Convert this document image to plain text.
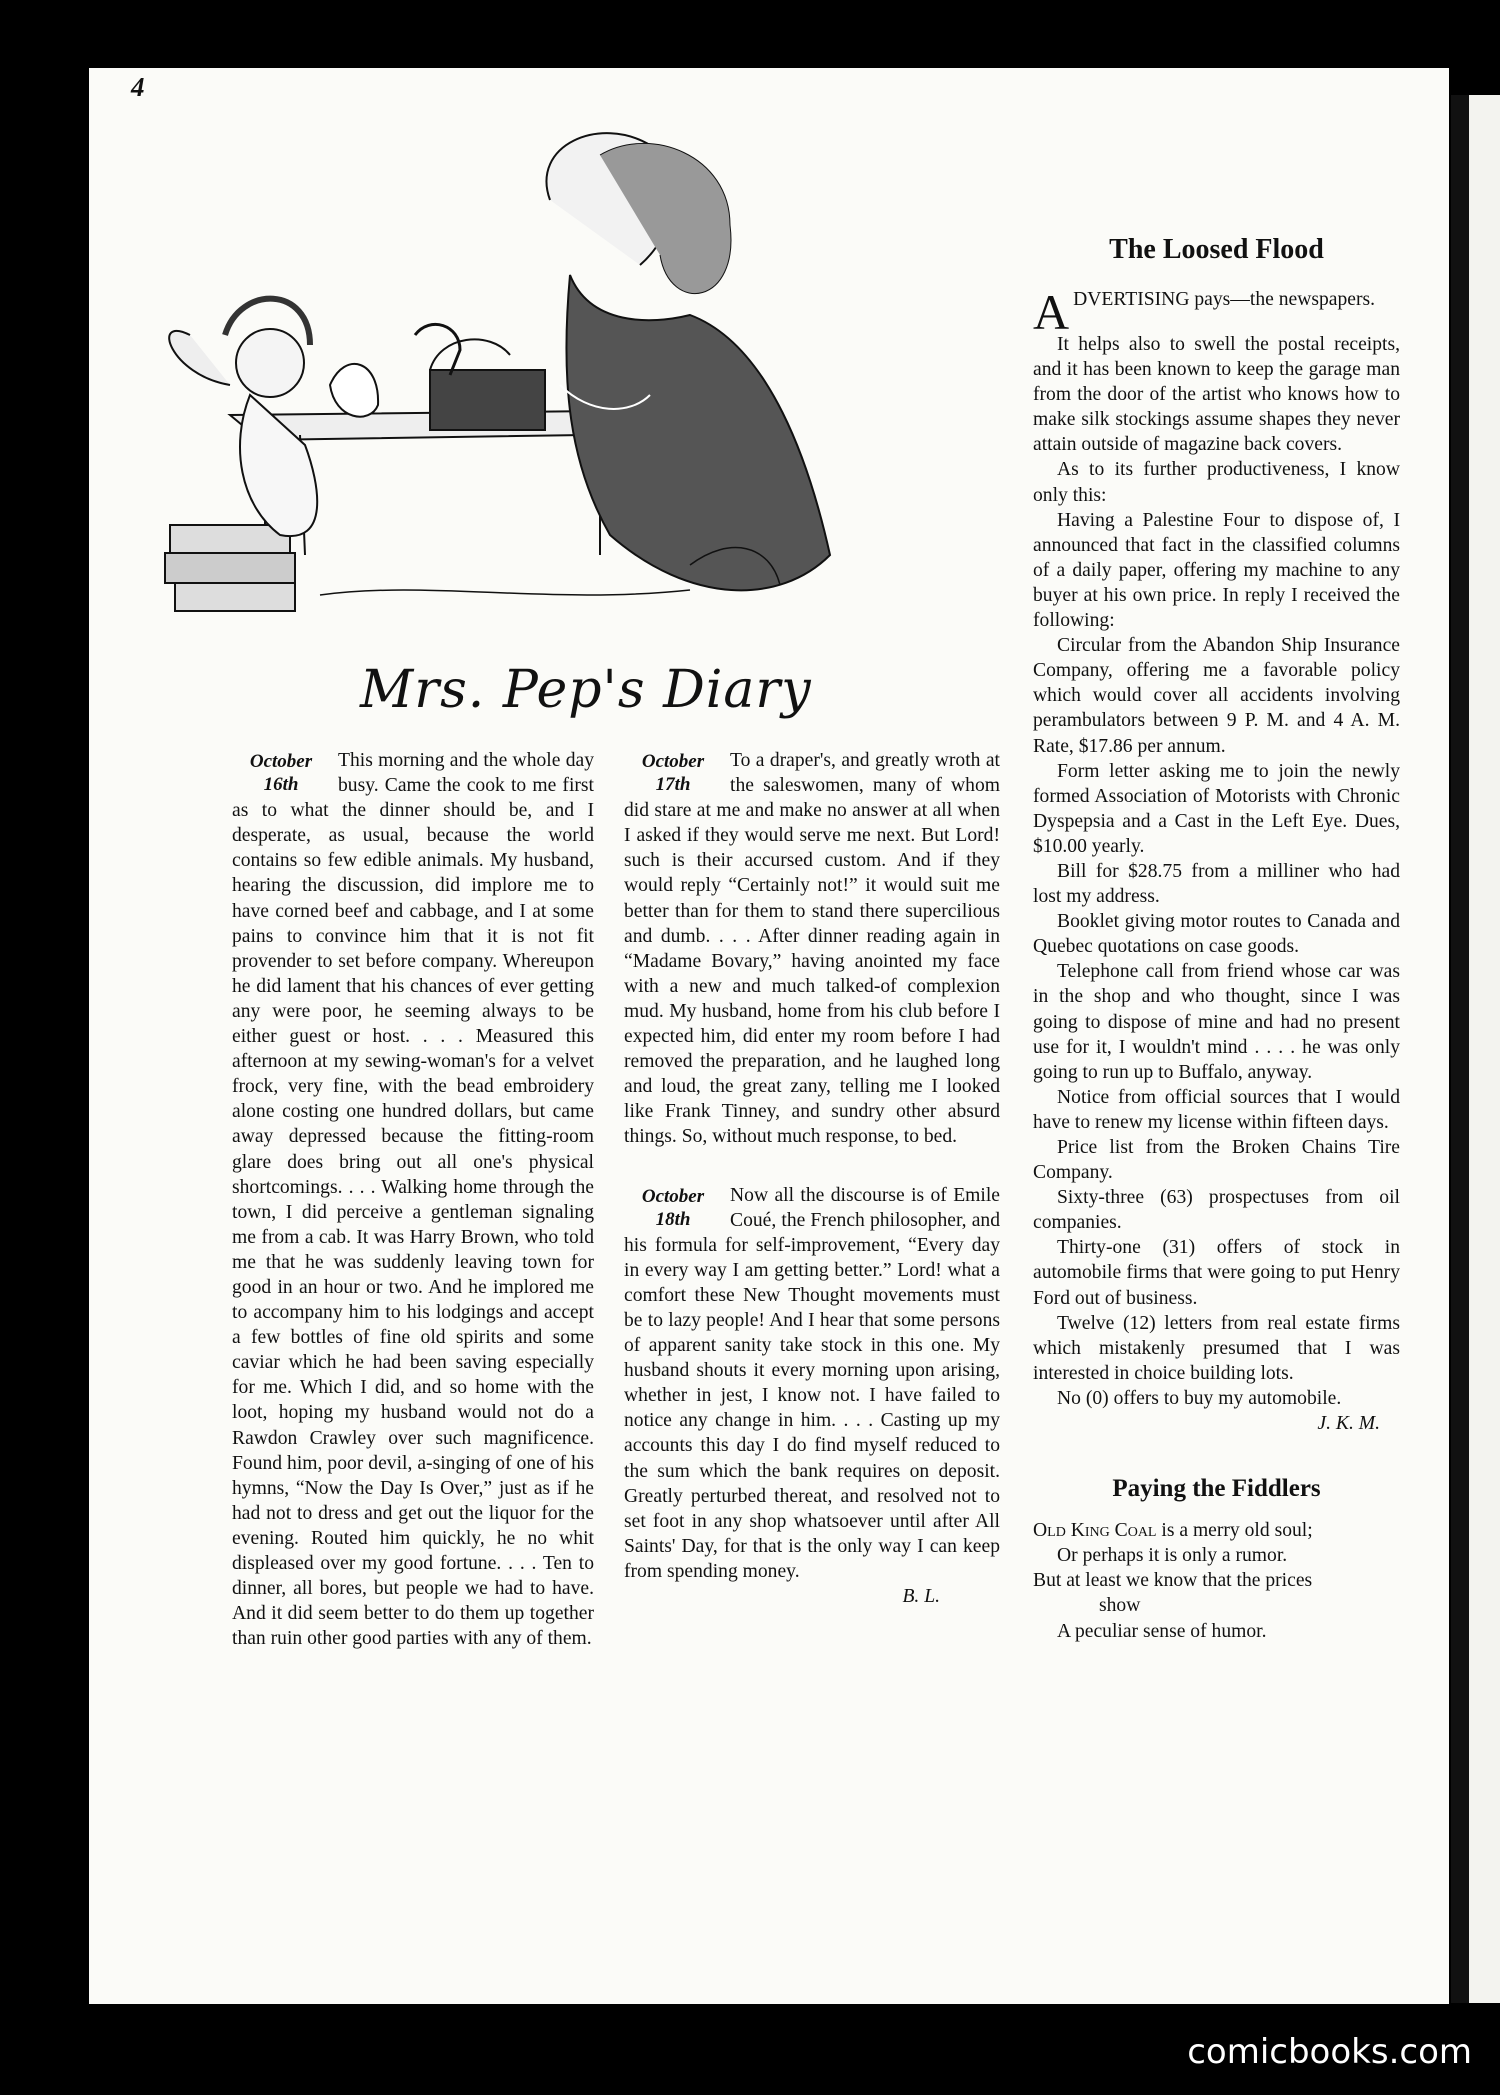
4
Mrs. Pep's Diary
October
16th

This morning and the whole day busy. Came the cook to me first as to what the dinner should be, and I desperate, as usual, because the world contains so few edible animals. My husband, hearing the discussion, did implore me to have corned beef and cabbage, and I at some pains to convince him that it is not fit provender to set before company. Whereupon he did lament that his chances of ever getting any were poor, he seeming always to be either guest or host. . . . Measured this afternoon at my sewing-woman's for a velvet frock, very fine, with the bead embroidery alone costing one hundred dollars, but came away depressed because the fitting-room glare does bring out all one's physical shortcomings. . . . Walking home through the town, I did perceive a gentleman signaling me from a cab. It was Harry Brown, who told me that he was suddenly leaving town for good in an hour or two. And he implored me to accompany him to his lodgings and accept a few bottles of fine old spirits and some caviar which he had been saving especially for me. Which I did, and so home with the loot, hoping my husband would not do a Rawdon Crawley over such magnificence. Found him, poor devil, a-singing of one of his hymns, “Now the Day Is Over,” just as if he had not to dress and get out the liquor for the evening. Routed him quickly, he no whit displeased over my good fortune. . . . Ten to dinner, all bores, but people we had to have. And it did seem better to do them up together than ruin other good parties with any of them.

October
17th

To a draper's, and greatly wroth at the saleswomen, many of whom did stare at me and make no answer at all when I asked if they would serve me next. But Lord! such is their accursed custom. And if they would reply “Certainly not!” it would suit me better than for them to stand there supercilious and dumb. . . . After dinner reading again in “Madame Bovary,” having anointed my face with a new and much talked-of complexion mud. My husband, home from his club before I expected him, did enter my room before I had removed the preparation, and he laughed long and loud, the great zany, telling me I looked like Frank Tinney, and sundry other absurd things. So, without much response, to bed.

October
18th

Now all the discourse is of Emile Coué, the French philosopher, and his formula for self-improvement, “Every day in every way I am getting better.” Lord! what a comfort these New Thought movements must be to lazy people! And I hear that some persons of apparent sanity take stock in this one. My husband shouts it every morning upon arising, whether in jest, I know not. I have failed to notice any change in him. . . . Casting up my accounts this day I do find myself reduced to the sum which the bank requires on deposit. Greatly perturbed thereat, and resolved not to set foot in any shop whatsoever until after All Saints' Day, for that is the only way I can keep from spending money.

B. L.

The Loosed Flood

ADVERTISING pays—the newspapers.

It helps also to swell the postal receipts, and it has been known to keep the garage man from the door of the artist who knows how to make silk stockings assume shapes they never attain outside of magazine back covers.

As to its further productiveness, I know only this:

Having a Palestine Four to dispose of, I announced that fact in the classified columns of a daily paper, offering my machine to any buyer at his own price. In reply I received the following:

Circular from the Abandon Ship Insurance Company, offering me a favorable policy which would cover all accidents involving perambulators between 9 P. M. and 4 A. M. Rate, $17.86 per annum.

Form letter asking me to join the newly formed Association of Motorists with Chronic Dyspepsia and a Cast in the Left Eye. Dues, $10.00 yearly.

Bill for $28.75 from a milliner who had lost my address.

Booklet giving motor routes to Canada and Quebec quotations on case goods.

Telephone call from friend whose car was in the shop and who thought, since I was going to dispose of mine and had no present use for it, I wouldn't mind . . . . he was only going to run up to Buffalo, anyway.

Notice from official sources that I would have to renew my license within fifteen days.

Price list from the Broken Chains Tire Company.

Sixty-three (63) prospectuses from oil companies.

Thirty-one (31) offers of stock in automobile firms that were going to put Henry Ford out of business.

Twelve (12) letters from real estate firms which mistakenly presumed that I was interested in choice building lots.

No (0) offers to buy my automobile.

J. K. M.

Paying the Fiddlers

Old King Coal is a merry old soul;

Or perhaps it is only a rumor.

But at least we know that the prices

show

A peculiar sense of humor.

comicbooks.com
